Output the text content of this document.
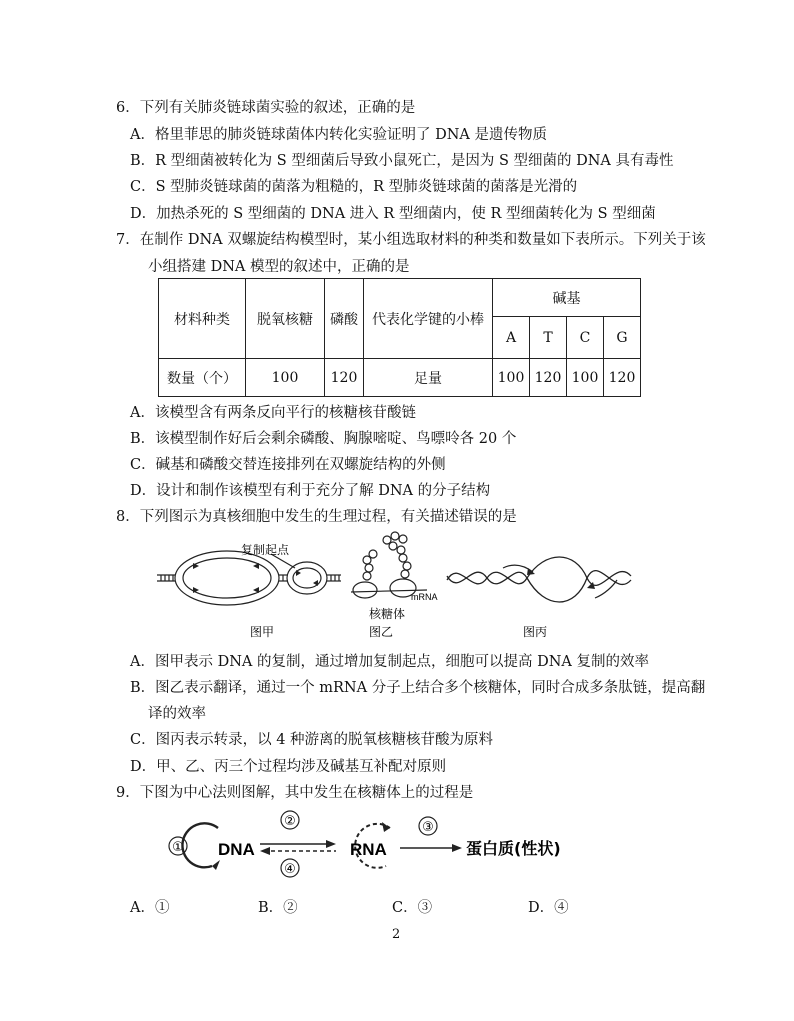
6．下列有关肺炎链球菌实验的叙述，正确的是
A．格里菲思的肺炎链球菌体内转化实验证明了 DNA 是遗传物质
B．R 型细菌被转化为 S 型细菌后导致小鼠死亡，是因为 S 型细菌的 DNA 具有毒性
C．S 型肺炎链球菌的菌落为粗糙的，R 型肺炎链球菌的菌落是光滑的
D．加热杀死的 S 型细菌的 DNA 进入 R 型细菌内，使 R 型细菌转化为 S 型细菌
7．在制作 DNA 双螺旋结构模型时，某小组选取材料的种类和数量如下表所示。下列关于该
小组搭建 DNA 模型的叙述中，正确的是
材料种类	脱氧核糖	磷酸	代表化学键的小棒	碱基			
				A	T	C	G
数量（个）	100	120	足量	100	120	100	120
A．该模型含有两条反向平行的核糖核苷酸链
B．该模型制作好后会剩余磷酸、胸腺嘧啶、鸟嘌呤各 20 个
C．碱基和磷酸交替连接排列在双螺旋结构的外侧
D．设计和制作该模型有利于充分了解 DNA 的分子结构
8．下列图示为真核细胞中发生的生理过程，有关描述错误的是
复制起点
图甲
mRNA
核糖体
图乙	图丙
A．图甲表示 DNA 的复制，通过增加复制起点，细胞可以提高 DNA 复制的效率
B．图乙表示翻译，通过一个 mRNA 分子上结合多个核糖体，同时合成多条肽链，提高翻
译的效率
C．图丙表示转录，以 4 种游离的脱氧核糖核苷酸为原料
D．甲、乙、丙三个过程均涉及碱基互补配对原则
9．下图为中心法则图解，其中发生在核糖体上的过程是
① DNA
②
④
RNA
③
蛋白质(性状)
A．①	B．②	C．③	D．④
2
